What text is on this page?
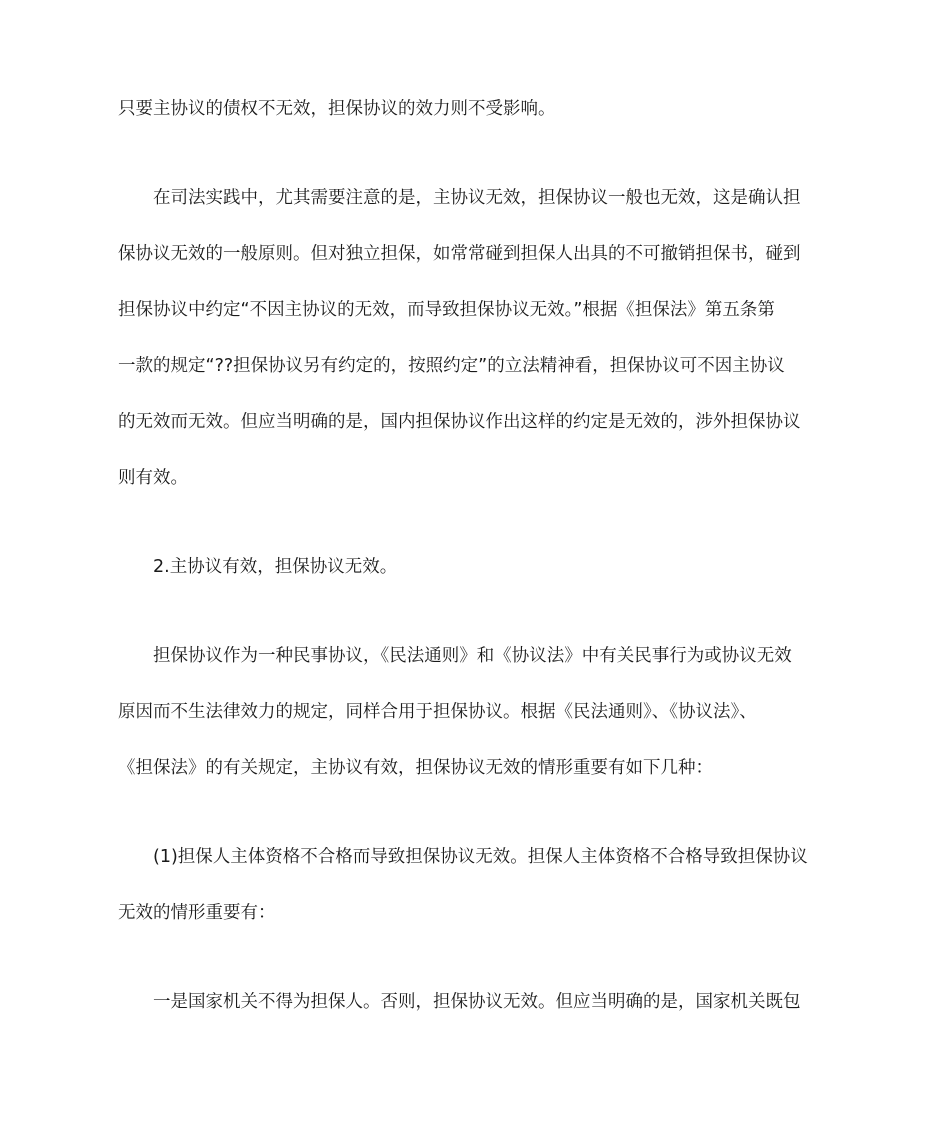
只要主协议的债权不无效，担保协议的效力则不受影响。

在司法实践中，尤其需要注意的是，主协议无效，担保协议一般也无效，这是确认担

保协议无效的一般原则。但对独立担保，如常常碰到担保人出具的不可撤销担保书，碰到

担保协议中约定“不因主协议的无效，而导致担保协议无效。”根据《担保法》第五条第

一款的规定“??担保协议另有约定的，按照约定”的立法精神看，担保协议可不因主协议

的无效而无效。但应当明确的是，国内担保协议作出这样的约定是无效的，涉外担保协议

则有效。

2.主协议有效，担保协议无效。

担保协议作为一种民事协议，《民法通则》和《协议法》中有关民事行为或协议无效

原因而不生法律效力的规定，同样合用于担保协议。根据《民法通则》、《协议法》、

《担保法》的有关规定，主协议有效，担保协议无效的情形重要有如下几种：

(1)担保人主体资格不合格而导致担保协议无效。担保人主体资格不合格导致担保协议

无效的情形重要有：

一是国家机关不得为担保人。否则，担保协议无效。但应当明确的是，国家机关既包
